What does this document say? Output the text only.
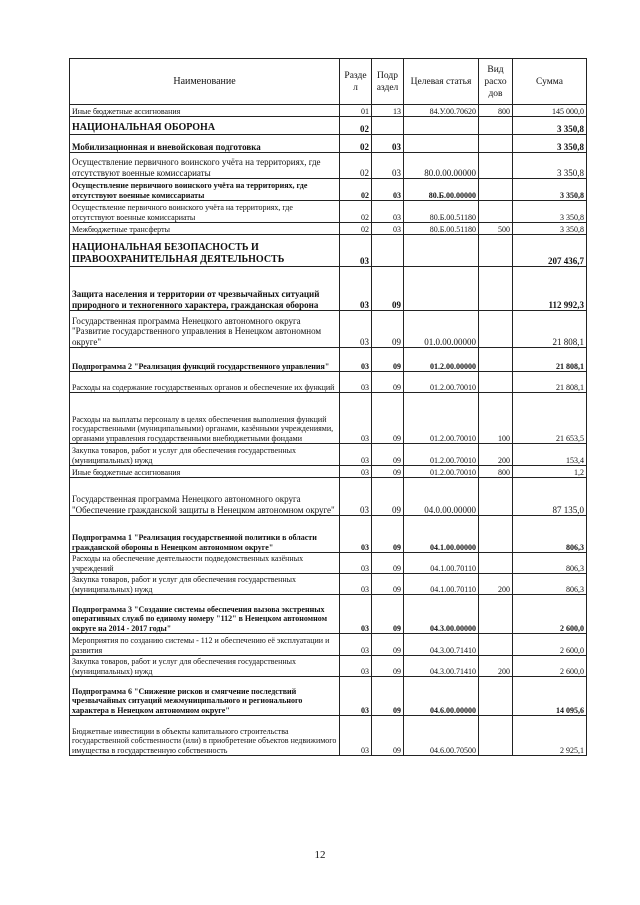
Наименование	Разде л	Подр аздел	Целевая статья	Вид расхо дов	Сумма
Иные бюджетные ассигнования	01	13	84.У.00.70620	800	145 000,0
НАЦИОНАЛЬНАЯ ОБОРОНА	02				3 350,8
Мобилизационная и вневойсковая подготовка	02	03			3 350,8
Осуществление первичного воинского учёта на территориях, где отсутствуют военные комиссариаты	02	03	80.0.00.00000		3 350,8
Осуществление первичного воинского учёта на территориях, где отсутствуют военные комиссариаты	02	03	80.Б.00.00000		3 350,8
Осуществление первичного воинского учёта на территориях, где отсутствуют военные комиссариаты	02	03	80.Б.00.51180		3 350,8
Межбюджетные трансферты	02	03	80.Б.00.51180	500	3 350,8
НАЦИОНАЛЬНАЯ БЕЗОПАСНОСТЬ И ПРАВООХРАНИТЕЛЬНАЯ ДЕЯТЕЛЬНОСТЬ	03				207 436,7
Защита населения и территории от чрезвычайных ситуаций природного и техногенного характера, гражданская оборона	03	09			112 992,3
Государственная программа Ненецкого автономного округа "Развитие государственного управления в Ненецком автономном округе"	03	09	01.0.00.00000		21 808,1
Подпрограмма 2 "Реализация функций государственного управления"	03	09	01.2.00.00000		21 808,1
Расходы на содержание государственных органов и обеспечение их функций	03	09	01.2.00.70010		21 808,1
Расходы на выплаты персоналу в целях обеспечения выполнения функций государственными (муниципальными) органами, казёнными учреждениями, органами управления государственными внебюджетными фондами	03	09	01.2.00.70010	100	21 653,5
Закупка товаров, работ и услуг для обеспечения государственных (муниципальных) нужд	03	09	01.2.00.70010	200	153,4
Иные бюджетные ассигнования	03	09	01.2.00.70010	800	1,2
Государственная программа Ненецкого автономного округа "Обеспечение гражданской защиты в Ненецком автономном округе"	03	09	04.0.00.00000		87 135,0
Подпрограмма 1 "Реализация государственной политики в области гражданской обороны в Ненецком автономном округе"	03	09	04.1.00.00000		806,3
Расходы на обеспечение деятельности подведомственных казённых учреждений	03	09	04.1.00.70110		806,3
Закупка товаров, работ и услуг для обеспечения государственных (муниципальных) нужд	03	09	04.1.00.70110	200	806,3
Подпрограмма 3 "Создание системы обеспечения вызова экстренных оперативных служб по единому номеру "112" в Ненецком автономном округе на 2014 - 2017 годы"	03	09	04.3.00.00000		2 600,0
Мероприятия по созданию системы - 112 и обеспечению её эксплуатации и развития	03	09	04.3.00.71410		2 600,0
Закупка товаров, работ и услуг для обеспечения государственных (муниципальных) нужд	03	09	04.3.00.71410	200	2 600,0
Подпрограмма 6 "Снижение рисков и смягчение последствий чрезвычайных ситуаций межмуниципального и регионального характера в Ненецком автономном округе"	03	09	04.6.00.00000		14 095,6
Бюджетные инвестиции в объекты капитального строительства государственной собственности (или) в приобретение объектов недвижимого имущества в государственную собственность	03	09	04.6.00.70500		2 925,1
12
